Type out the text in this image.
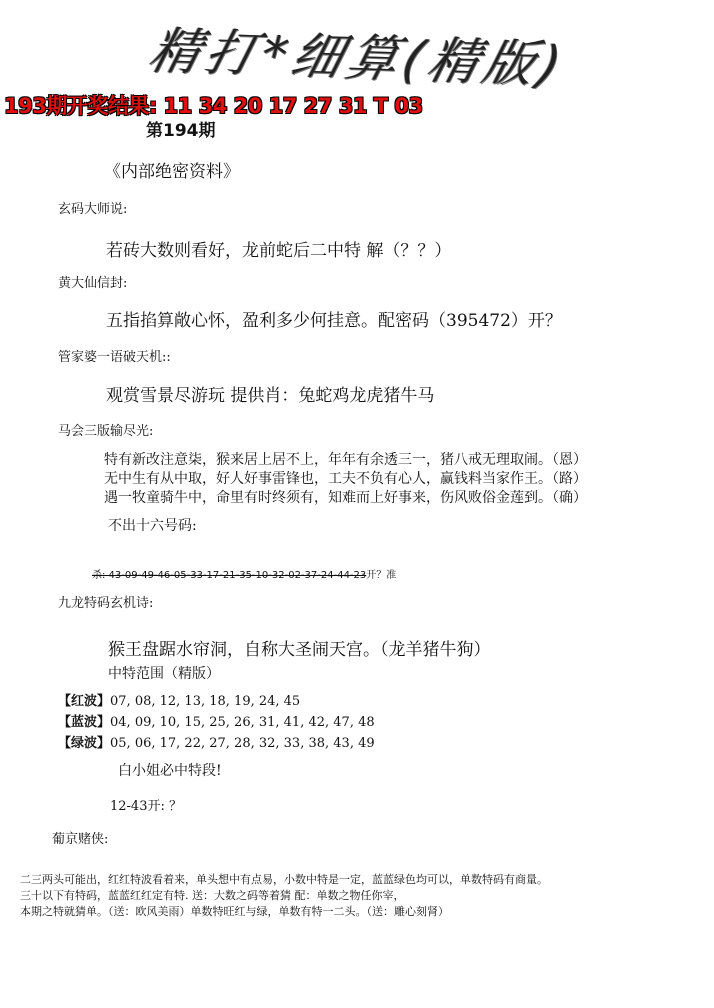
精打*细算(精版)
193期开奖结果: 11 34 20 17 27 31 T 03
第194期
《内部绝密资料》
玄码大师说:
若砖大数则看好，龙前蛇后二中特 解（？？）
黄大仙信封:
五指掐算敞心怀，盈利多少何挂意。配密码（395472）开？
管家婆一语破天机::
观赏雪景尽游玩 提供肖：兔蛇鸡龙虎猪牛马
马会三版输尽光:

特有新改注意柒，猴来居上居不上，年年有余透三一，猪八戒无理取闹。（恩）

无中生有从中取，好人好事雷锋也，工夫不负有心人，赢钱料当家作王。（路）

遇一牧童骑牛中，命里有时终须有，知难而上好事来，伤风败俗金莲到。（确）

不出十六号码:
杀: 43-09-49-46-05-33-17-21-35-10-32-02-37-24-44-23开？准
九龙特码玄机诗:
猴王盘踞水帘洞，自称大圣闹天宫。（龙羊猪牛狗）
中特范围（精版）
【红波】07, 08, 12, 13, 18, 19, 24, 45
【蓝波】04, 09, 10, 15, 25, 26, 31, 41, 42, 47, 48
【绿波】05, 06, 17, 22, 27, 28, 32, 33, 38, 43, 49
白小姐必中特段!
12-43开: ？
葡京赌侠:

二三两头可能出，红红特波看着来，单头想中有点易，小数中特是一定，蓝蓝绿色均可以，单数特码有商量。

三十以下有特码，蓝蓝红红定有特. 送：大数之码等着猜 配：单数之物任你宰，

本期之特就猜单。（送：欧风美雨）单数特旺红与绿，单数有特一二头。（送：雕心刻肾）
